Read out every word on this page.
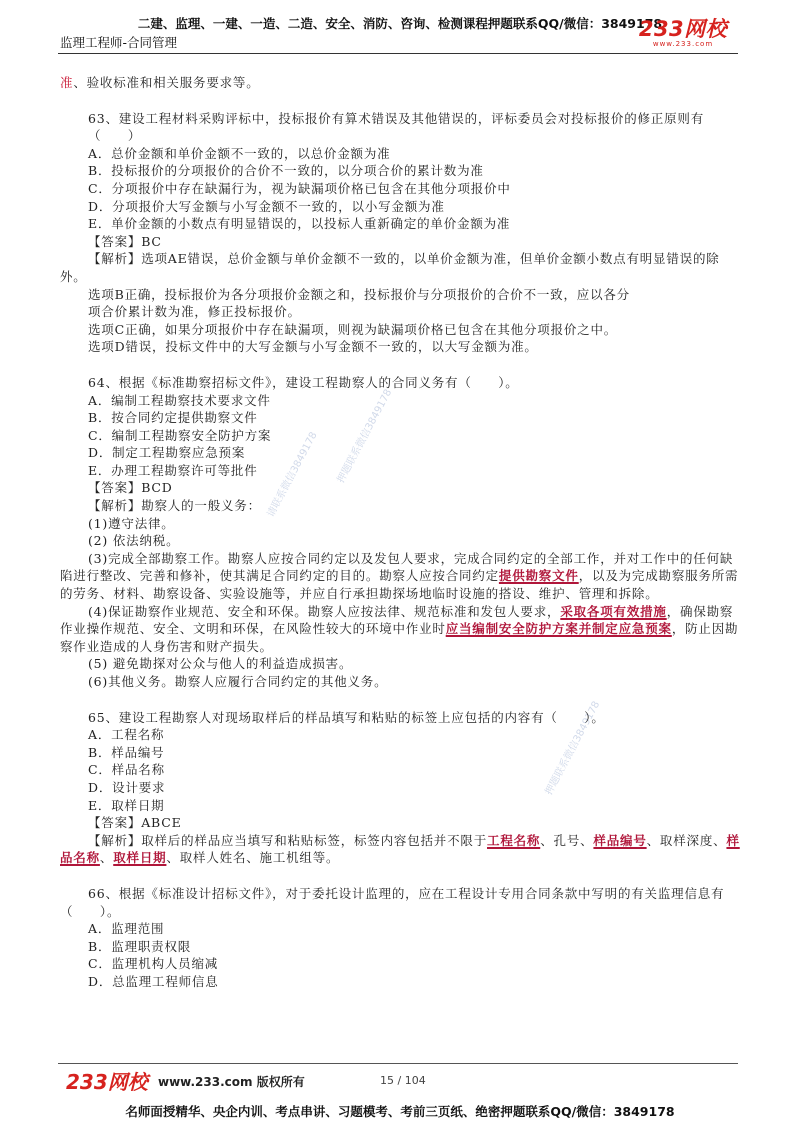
二建、监理、一建、一造、二造、安全、消防、咨询、检测课程押题联系QQ/微信：3849178
监理工程师-合同管理
233网校
www.233.com
请联系微信3849178	押题联系微信3849178
押题联系微信3849178

准、验收标准和相关服务要求等。

63、建设工程材料采购评标中，投标报价有算术错误及其他错误的，评标委员会对投标报价的修正原则有（　　）

A．总价金额和单价金额不一致的，以总价金额为准

B．投标报价的分项报价的合价不一致的，以分项合价的累计数为准

C．分项报价中存在缺漏行为，视为缺漏项价格已包含在其他分项报价中

D．分项报价大写金额与小写金额不一致的，以小写金额为准

E．单价金额的小数点有明显错误的，以投标人重新确定的单价金额为准

【答案】BC

【解析】选项AE错误，总价金额与单价金额不一致的，以单价金额为准，但单价金额小数点有明显错误的除外。

选项B正确，投标报价为各分项报价金额之和，投标报价与分项报价的合价不一致，应以各分

项合价累计数为准，修正投标报价。

选项C正确，如果分项报价中存在缺漏项，则视为缺漏项价格已包含在其他分项报价之中。

选项D错误，投标文件中的大写金额与小写金额不一致的，以大写金额为准。

64、根据《标准勘察招标文件》，建设工程勘察人的合同义务有（　　）。

A．编制工程勘察技术要求文件

B．按合同约定提供勘察文件

C．编制工程勘察安全防护方案

D．制定工程勘察应急预案

E．办理工程勘察许可等批件

【答案】BCD

【解析】勘察人的一般义务：

(1)遵守法律。

(2) 依法纳税。

(3)完成全部勘察工作。勘察人应按合同约定以及发包人要求，完成合同约定的全部工作，并对工作中的任何缺陷进行整改、完善和修补，使其满足合同约定的目的。勘察人应按合同约定提供勘察文件，以及为完成勘察服务所需的劳务、材料、勘察设备、实验设施等，并应自行承担勘探场地临时设施的搭设、维护、管理和拆除。

(4)保证勘察作业规范、安全和环保。勘察人应按法律、规范标准和发包人要求，采取各项有效措施，确保勘察作业操作规范、安全、文明和环保，在风险性较大的环境中作业时应当编制安全防护方案并制定应急预案，防止因勘察作业造成的人身伤害和财产损失。

(5) 避免勘探对公众与他人的利益造成损害。

(6)其他义务。勘察人应履行合同约定的其他义务。

65、建设工程勘察人对现场取样后的样品填写和粘贴的标签上应包括的内容有（　　）。

A．工程名称

B．样品编号

C．样品名称

D．设计要求

E．取样日期

【答案】ABCE

【解析】取样后的样品应当填写和粘贴标签，标签内容包括并不限于工程名称、孔号、样品编号、取样深度、样品名称、取样日期、取样人姓名、施工机组等。

66、根据《标准设计招标文件》，对于委托设计监理的，应在工程设计专用合同条款中写明的有关监理信息有（　　）。

A．监理范围

B．监理职责权限

C．监理机构人员缩减

D．总监理工程师信息

233网校 www.233.com 版权所有	15 / 104
名师面授精华、央企内训、考点串讲、习题模考、考前三页纸、绝密押题联系QQ/微信：3849178
